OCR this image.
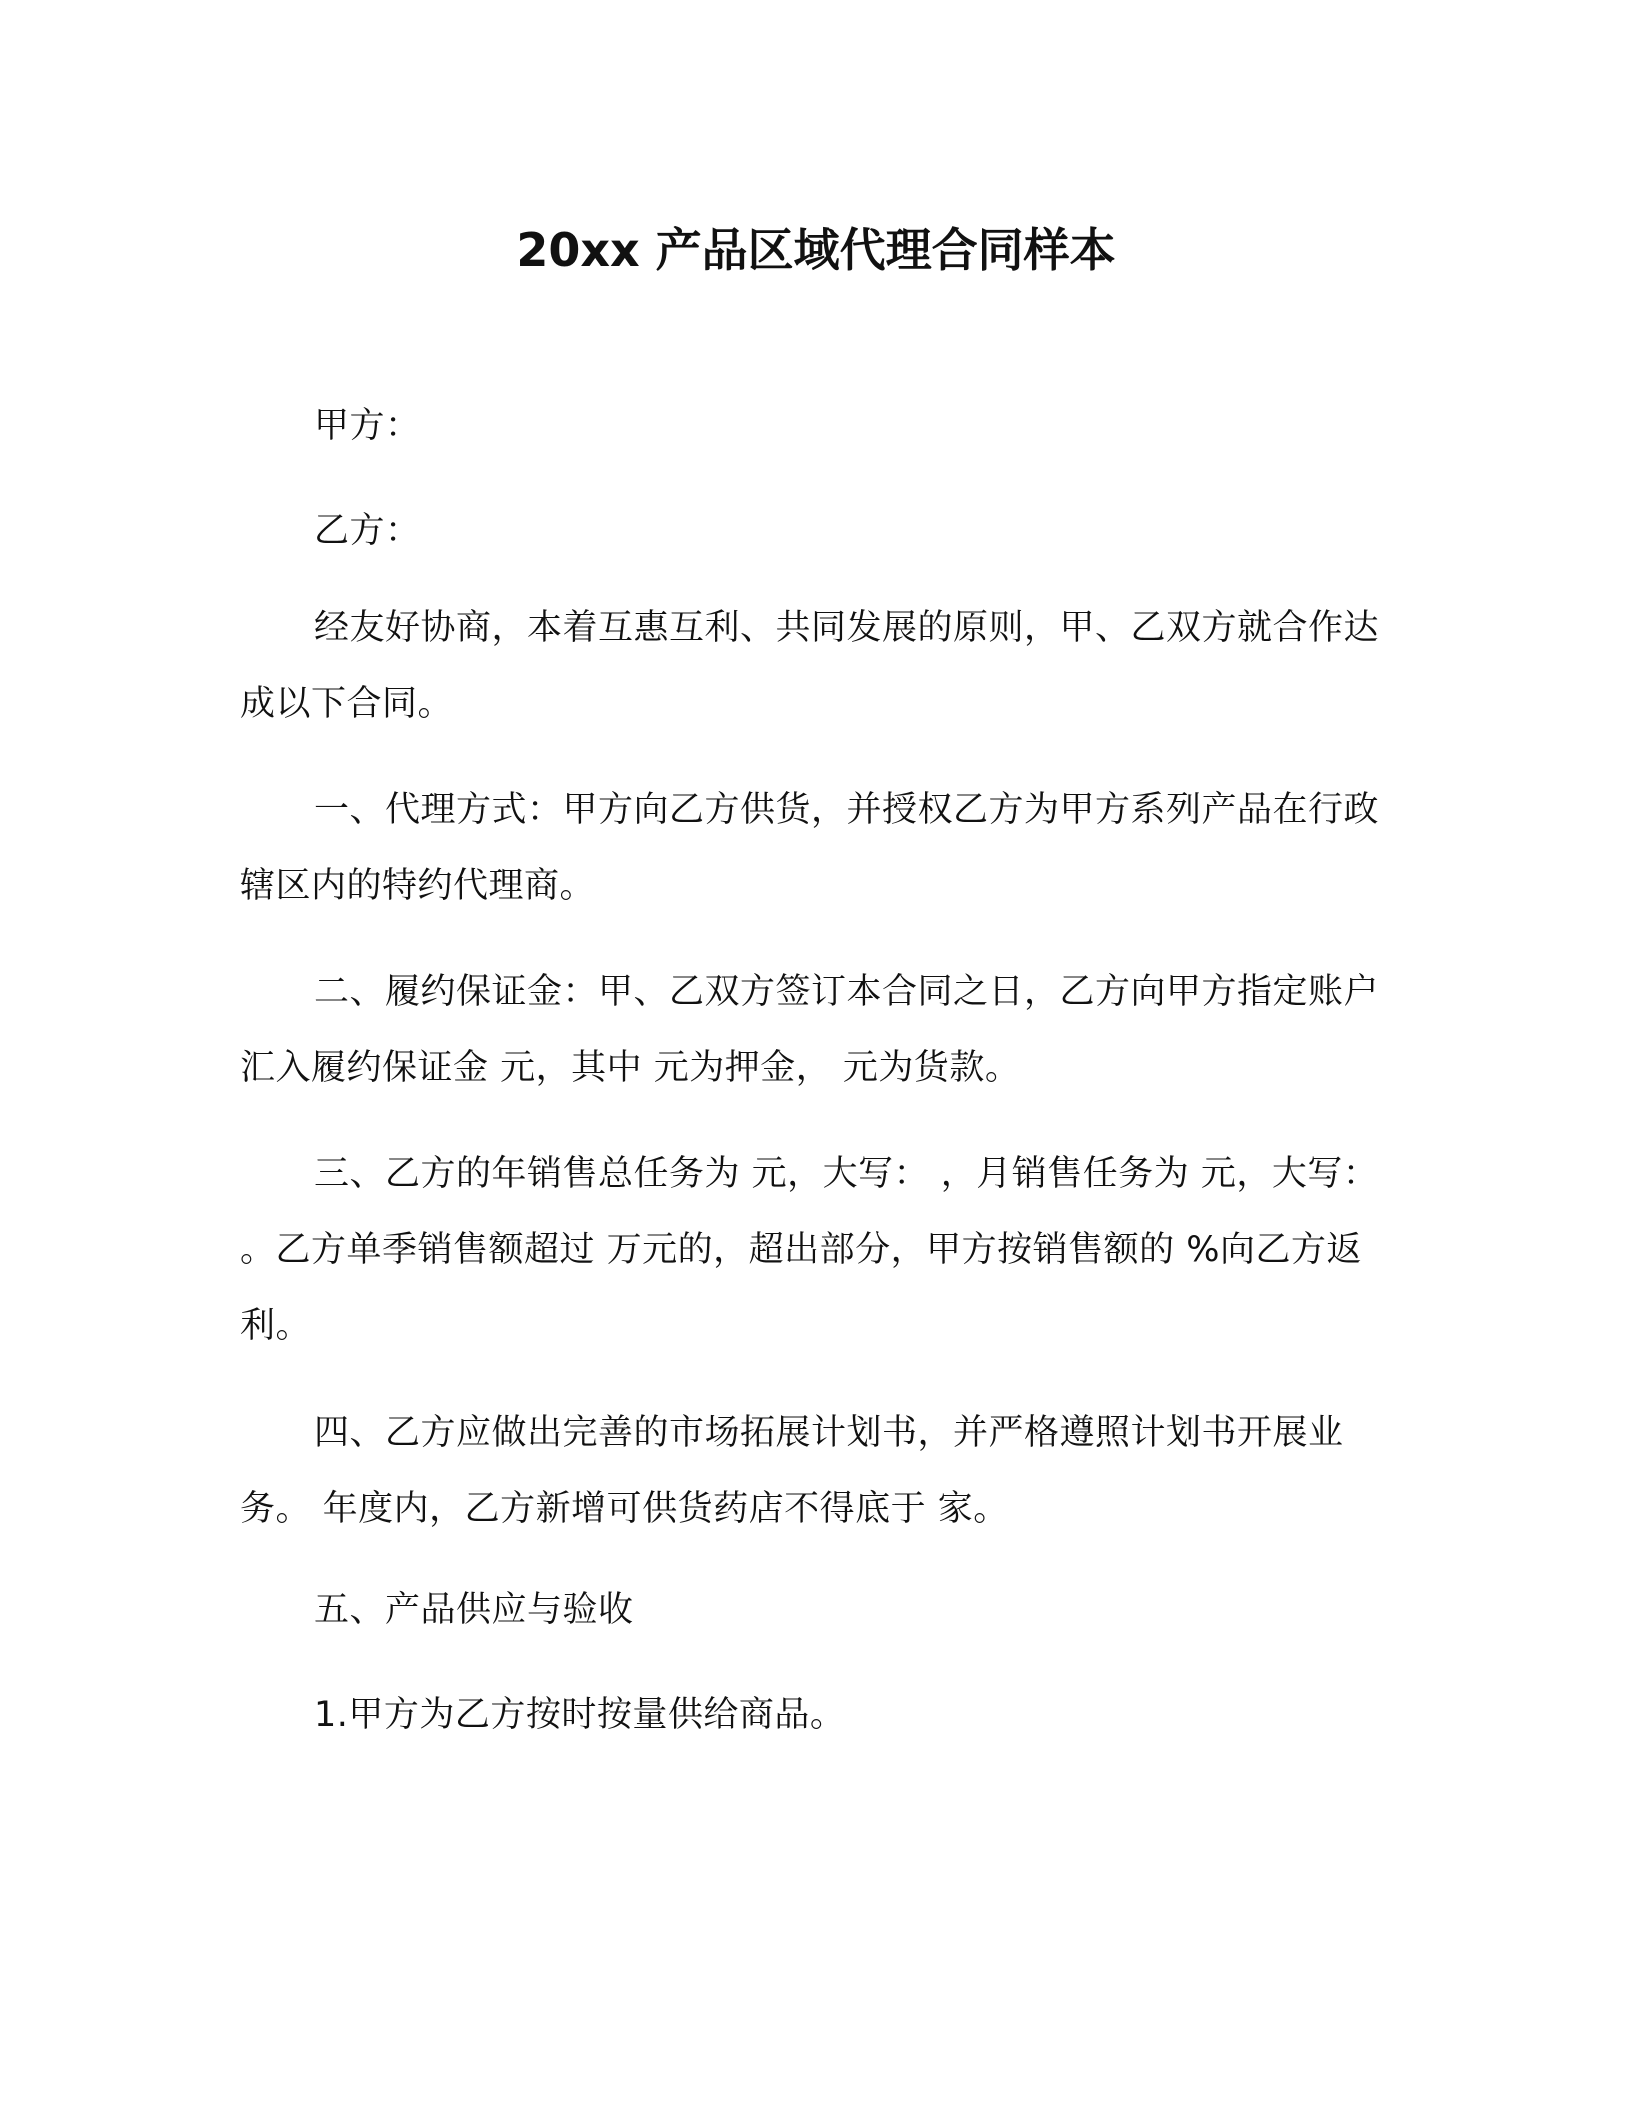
20xx 产品区域代理合同样本
甲方：
乙方：

经友好协商，本着互惠互利、共同发展的原则，甲、乙双方就合作达成以下合同。

一、代理方式：甲方向乙方供货，并授权乙方为甲方系列产品在行政辖区内的特约代理商。

二、履约保证金：甲、乙双方签订本合同之日，乙方向甲方指定账户汇入履约保证金 元，其中 元为押金， 元为货款。

三、乙方的年销售总任务为 元，大写： ，月销售任务为 元，大写： 。乙方单季销售额超过 万元的，超出部分，甲方按销售额的 %向乙方返利。

四、乙方应做出完善的市场拓展计划书，并严格遵照计划书开展业务。 年度内，乙方新增可供货药店不得底于 家。

五、产品供应与验收
1.甲方为乙方按时按量供给商品。
